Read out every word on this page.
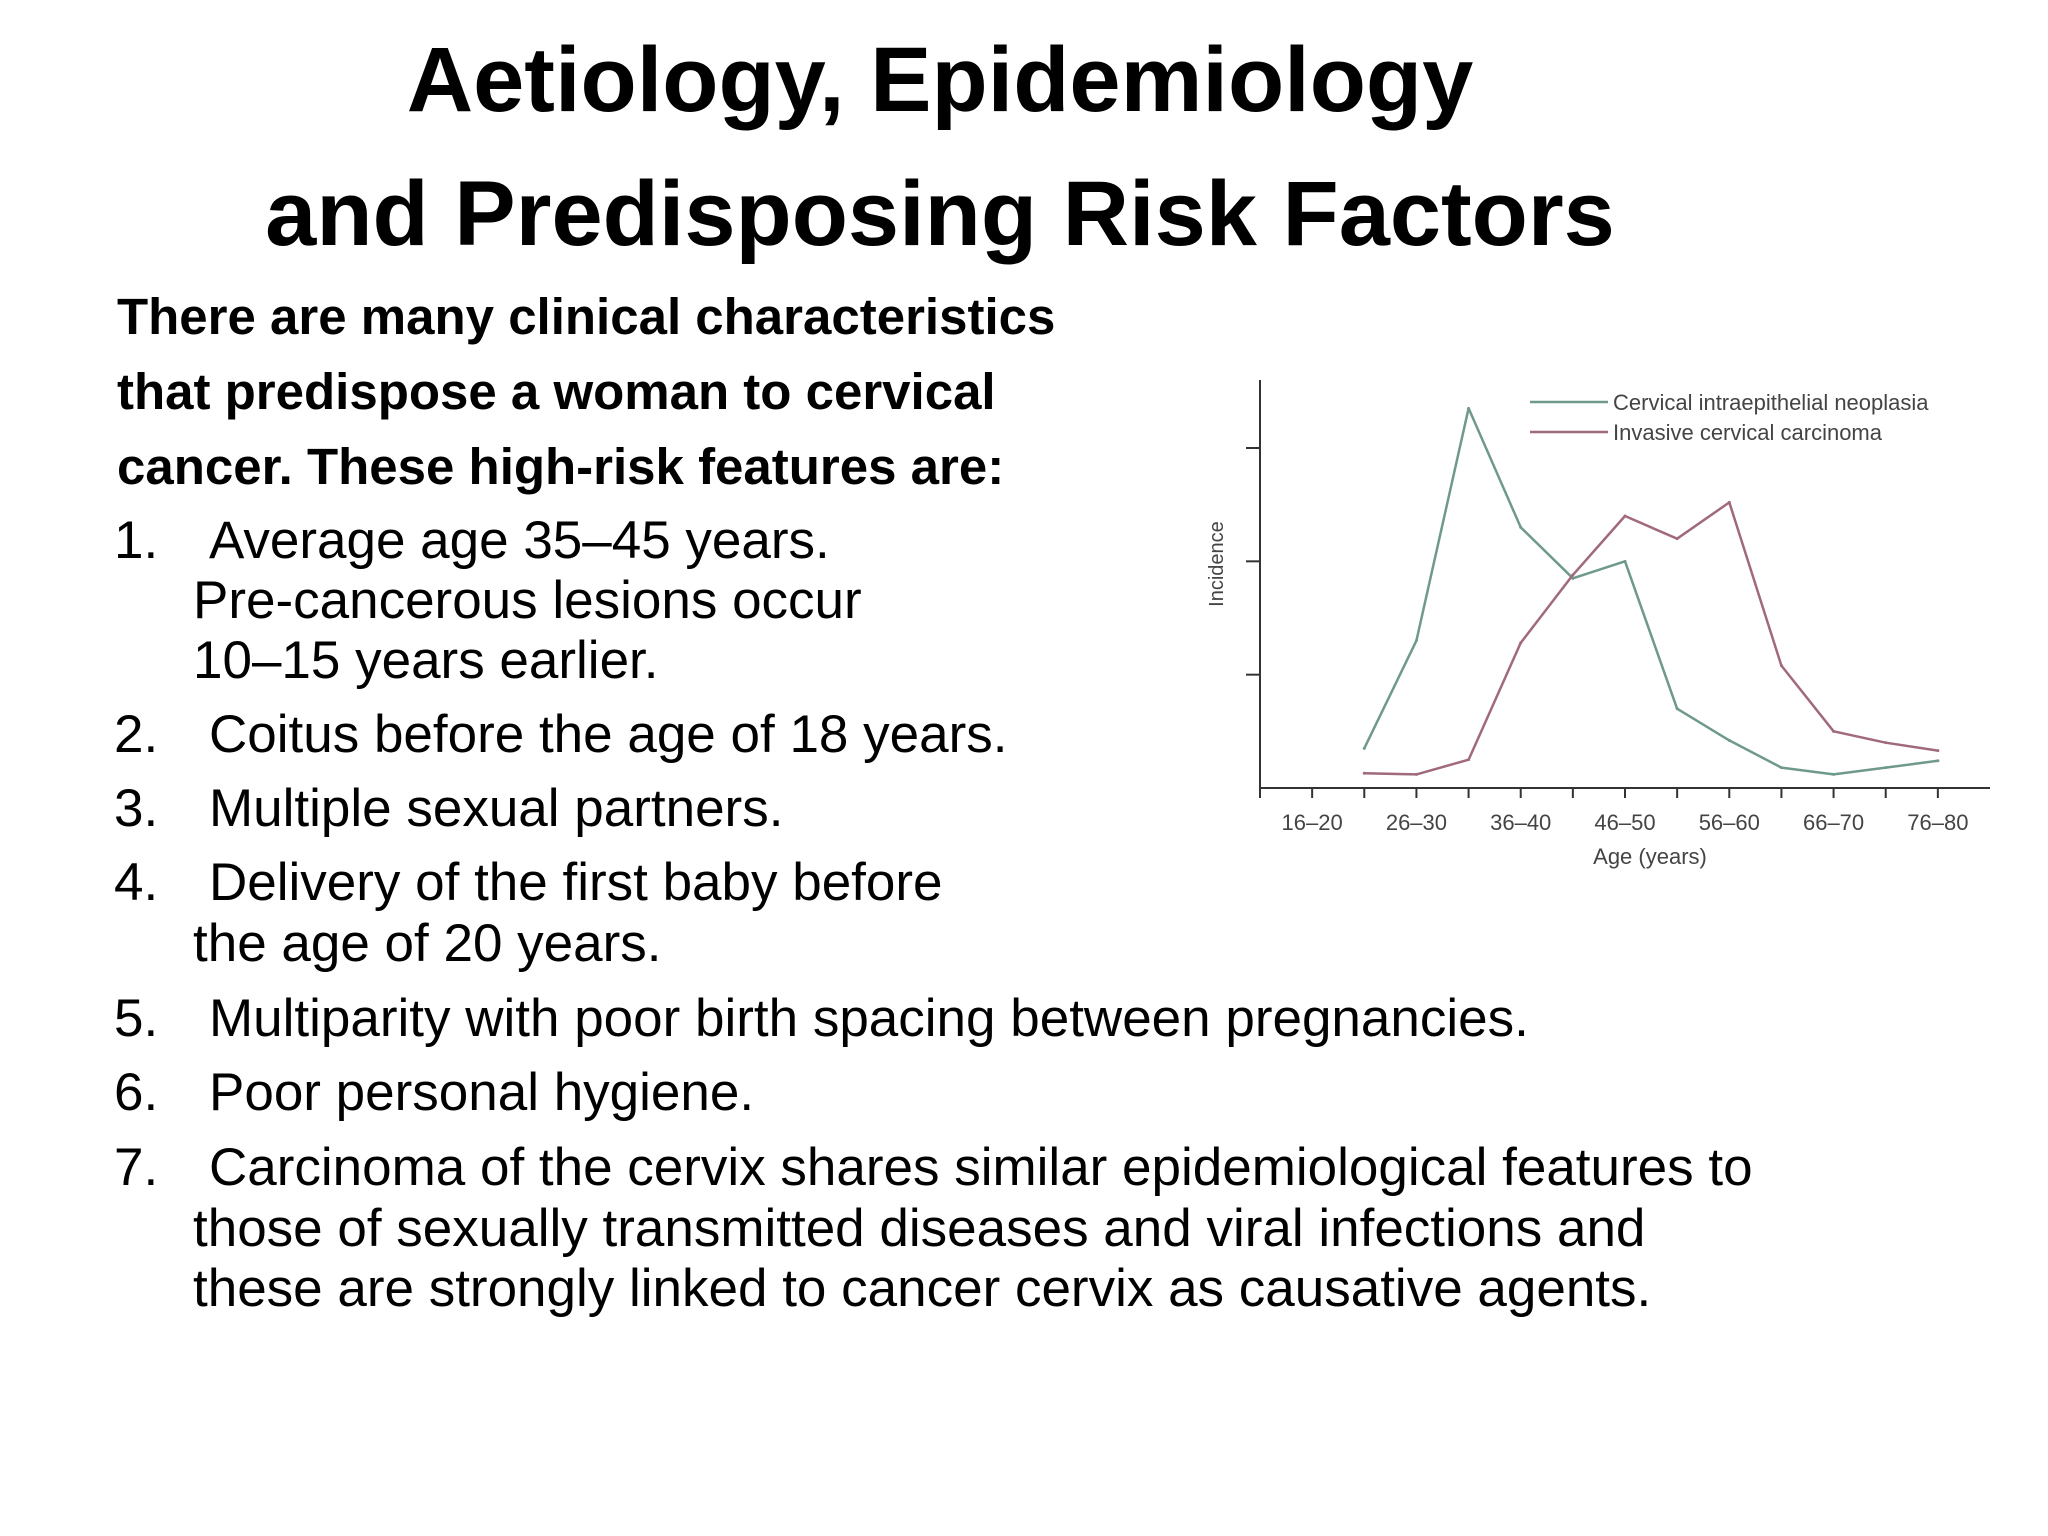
Aetiology, Epidemiology
and Predisposing Risk Factors
There are many clinical characteristics
that predispose a woman to cervical
cancer. These high-risk features are:
1. Average age 35–45 years.
Pre-cancerous lesions occur
10–15 years earlier.
2. Coitus before the age of 18 years.
3. Multiple sexual partners.
4. Delivery of the first baby before
the age of 20 years.
5. Multiparity with poor birth spacing between pregnancies.
6. Poor personal hygiene.
7. Carcinoma of the cervix shares similar epidemiological features to
those of sexually transmitted diseases and viral infections and
these are strongly linked to cancer cervix as causative agents.
16–20 26–30 36–40 46–50 56–60 66–70 76–80
Age (years)
Incidence
Cervical intraepithelial neoplasia
Invasive cervical carcinoma
